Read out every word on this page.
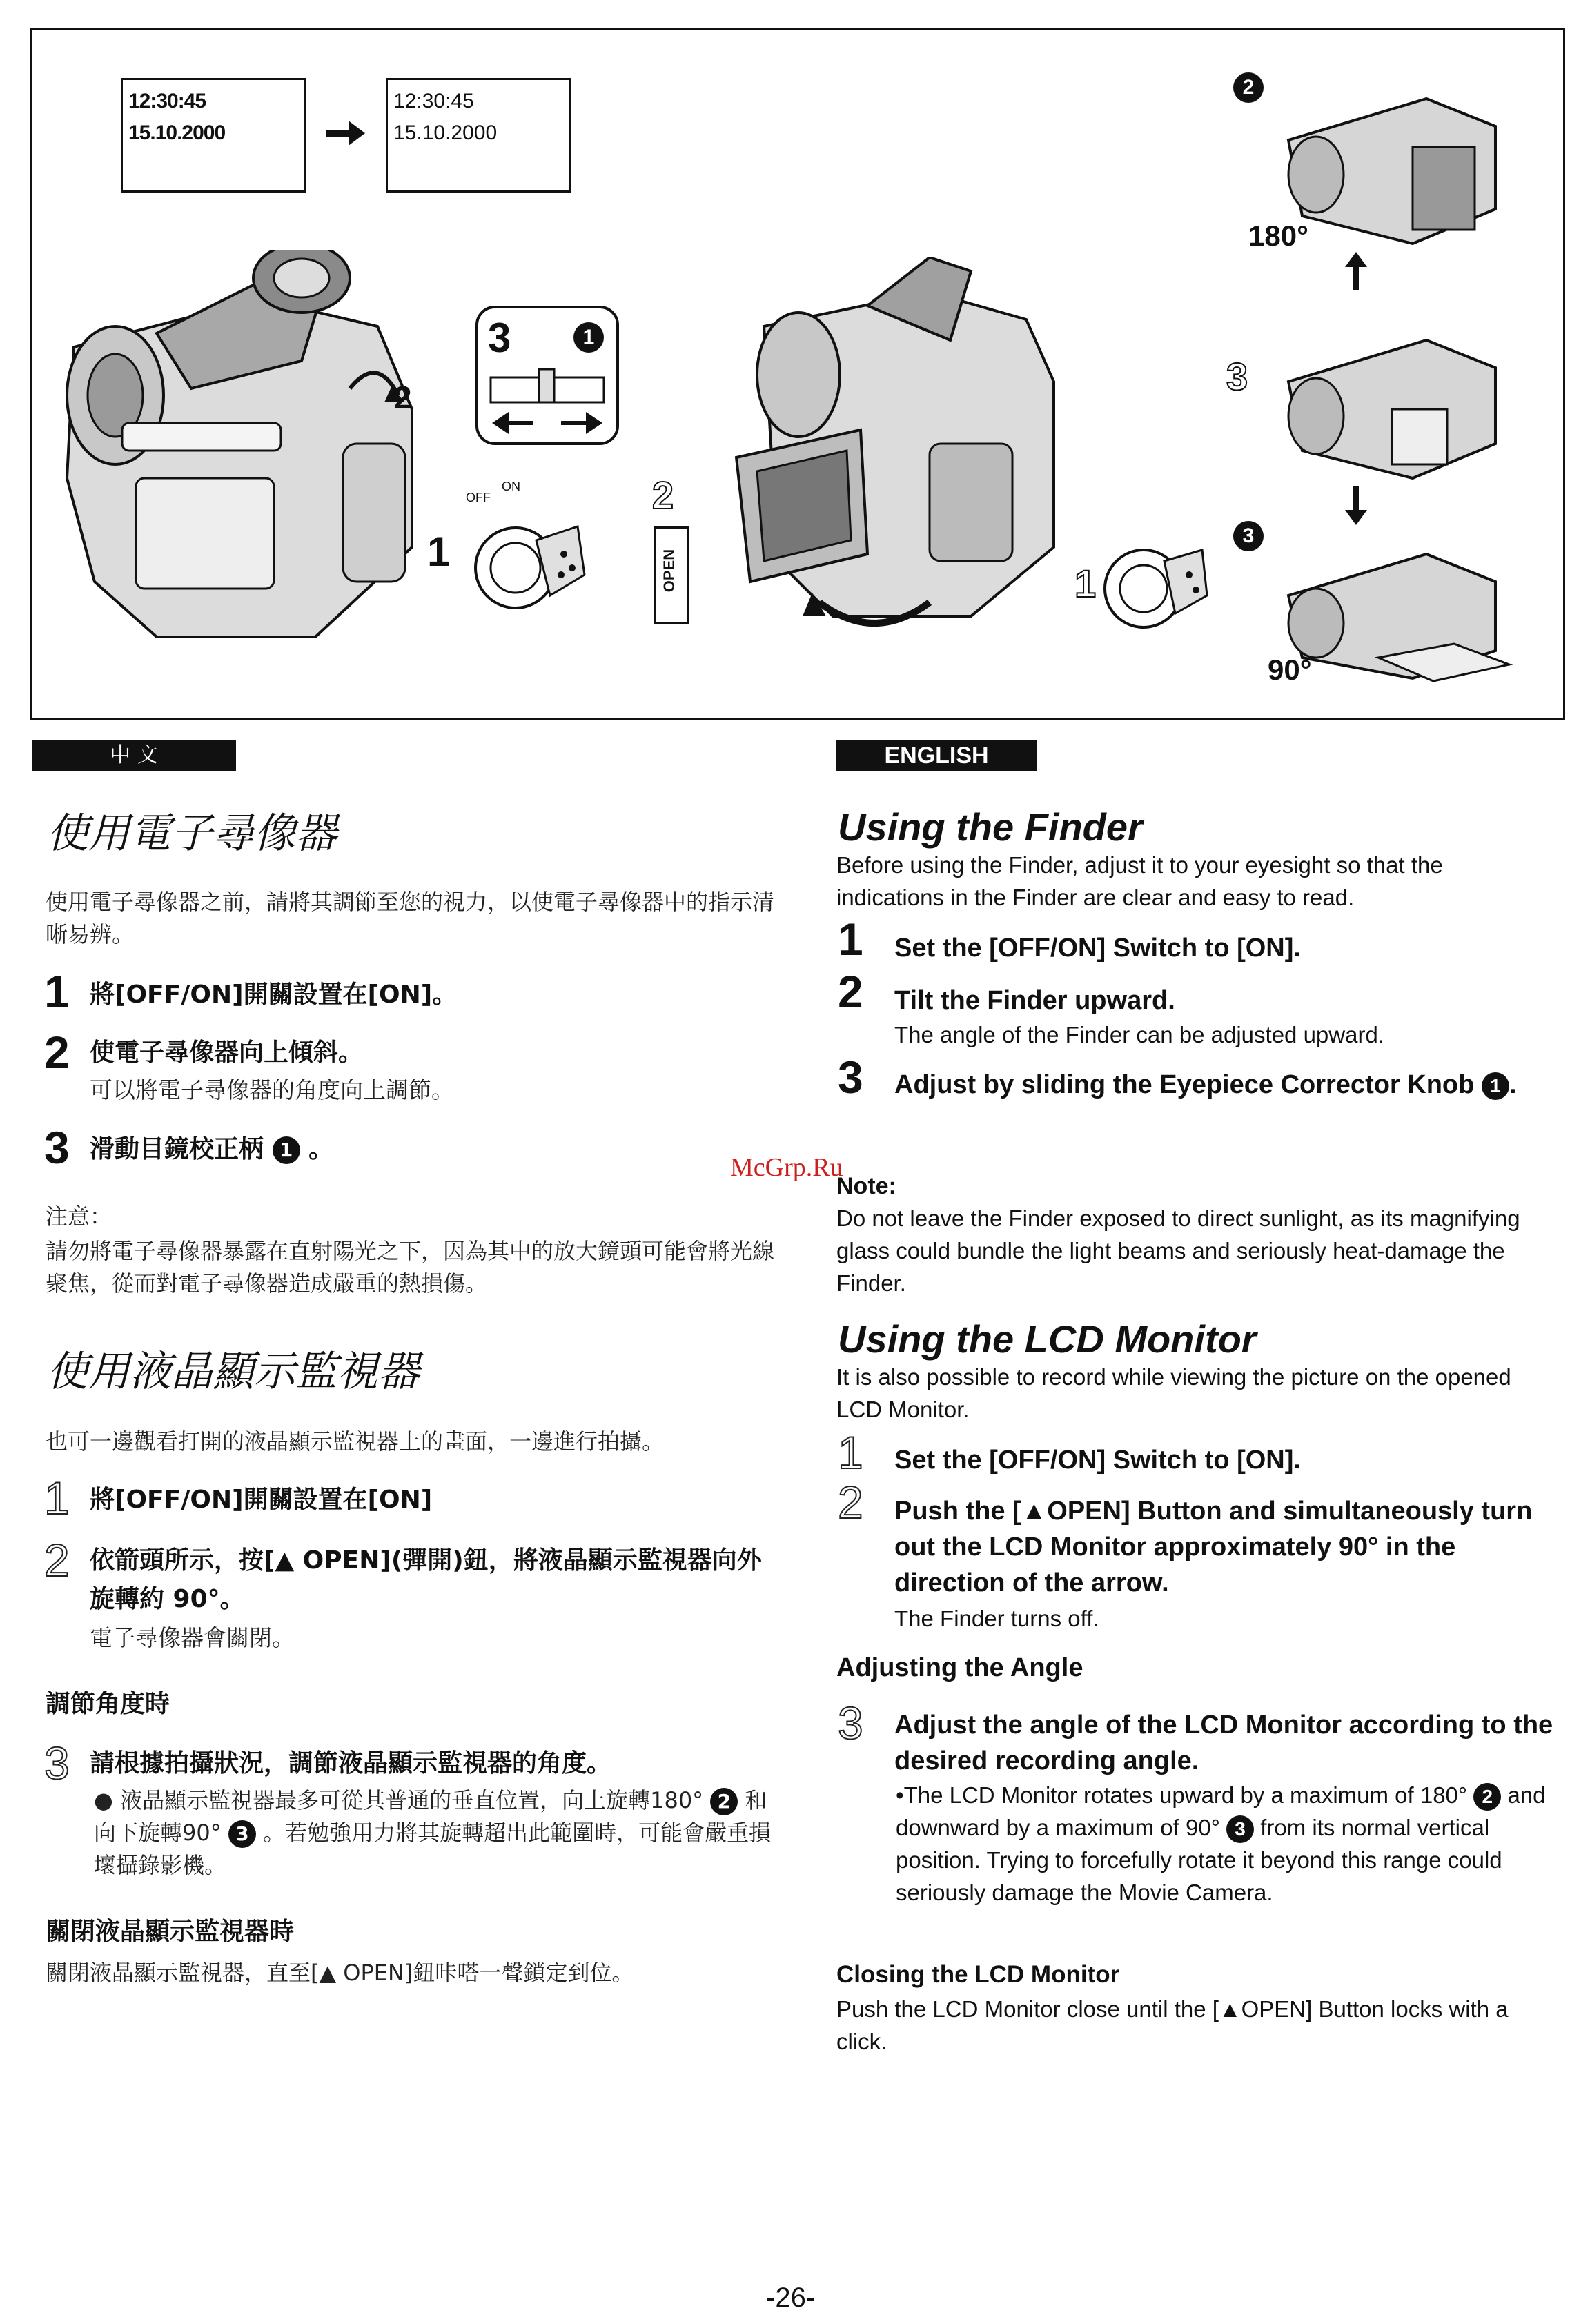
12:30:45
15.10.2000
12:30:45
15.10.2000
2
3	1
OFF
ON
1
2
OPEN	1
2
180°
3
3
90°
中 文
使用電子尋像器
使用電子尋像器之前，請將其調節至您的視力，以使電子尋像器中的指示清晰易辨。
1 將[OFF/ON]開關設置在[ON]。
2 使電子尋像器向上傾斜。
可以將電子尋像器的角度向上調節。
3 滑動目鏡校正柄 1 。
注意：
請勿將電子尋像器暴露在直射陽光之下，因為其中的放大鏡頭可能會將光線聚焦，從而對電子尋像器造成嚴重的熱損傷。
使用液晶顯示監視器
也可一邊觀看打開的液晶顯示監視器上的畫面，一邊進行拍攝。
1 將[OFF/ON]開關設置在[ON]
2 依箭頭所示，按[▲ OPEN](彈開)鈕，將液晶顯示監視器向外旋轉約 90°。
電子尋像器會關閉。
調節角度時
3 請根據拍攝狀況，調節液晶顯示監視器的角度。
● 液晶顯示監視器最多可從其普通的垂直位置，向上旋轉180° 2 和向下旋轉90° 3 。若勉強用力將其旋轉超出此範圍時，可能會嚴重損壞攝錄影機。
關閉液晶顯示監視器時
關閉液晶顯示監視器，直至[▲ OPEN]鈕咔嗒一聲鎖定到位。
ENGLISH
Using the Finder
Before using the Finder, adjust it to your eyesight so that the indications in the Finder are clear and easy to read.
1 Set the [OFF/ON] Switch to [ON].
2 Tilt the Finder upward.
The angle of the Finder can be adjusted upward.
3 Adjust by sliding the Eyepiece Corrector Knob 1 .
McGrp.Ru
Note:
Do not leave the Finder exposed to direct sunlight, as its magnifying glass could bundle the light beams and seriously heat-damage the Finder.
Using the LCD Monitor
It is also possible to record while viewing the picture on the opened LCD Monitor.
1 Set the [OFF/ON] Switch to [ON].
2 Push the [▲OPEN] Button and simultaneously turn out the LCD Monitor approximately 90° in the direction of the arrow.
The Finder turns off.
Adjusting the Angle
3 Adjust the angle of the LCD Monitor according to the desired recording angle.
•The LCD Monitor rotates upward by a maximum of 180° 2 and downward by a maximum of 90° 3 from its normal vertical position. Trying to forcefully rotate it beyond this range could seriously damage the Movie Camera.
Closing the LCD Monitor
Push the LCD Monitor close until the [▲OPEN] Button locks with a click.
-26-
